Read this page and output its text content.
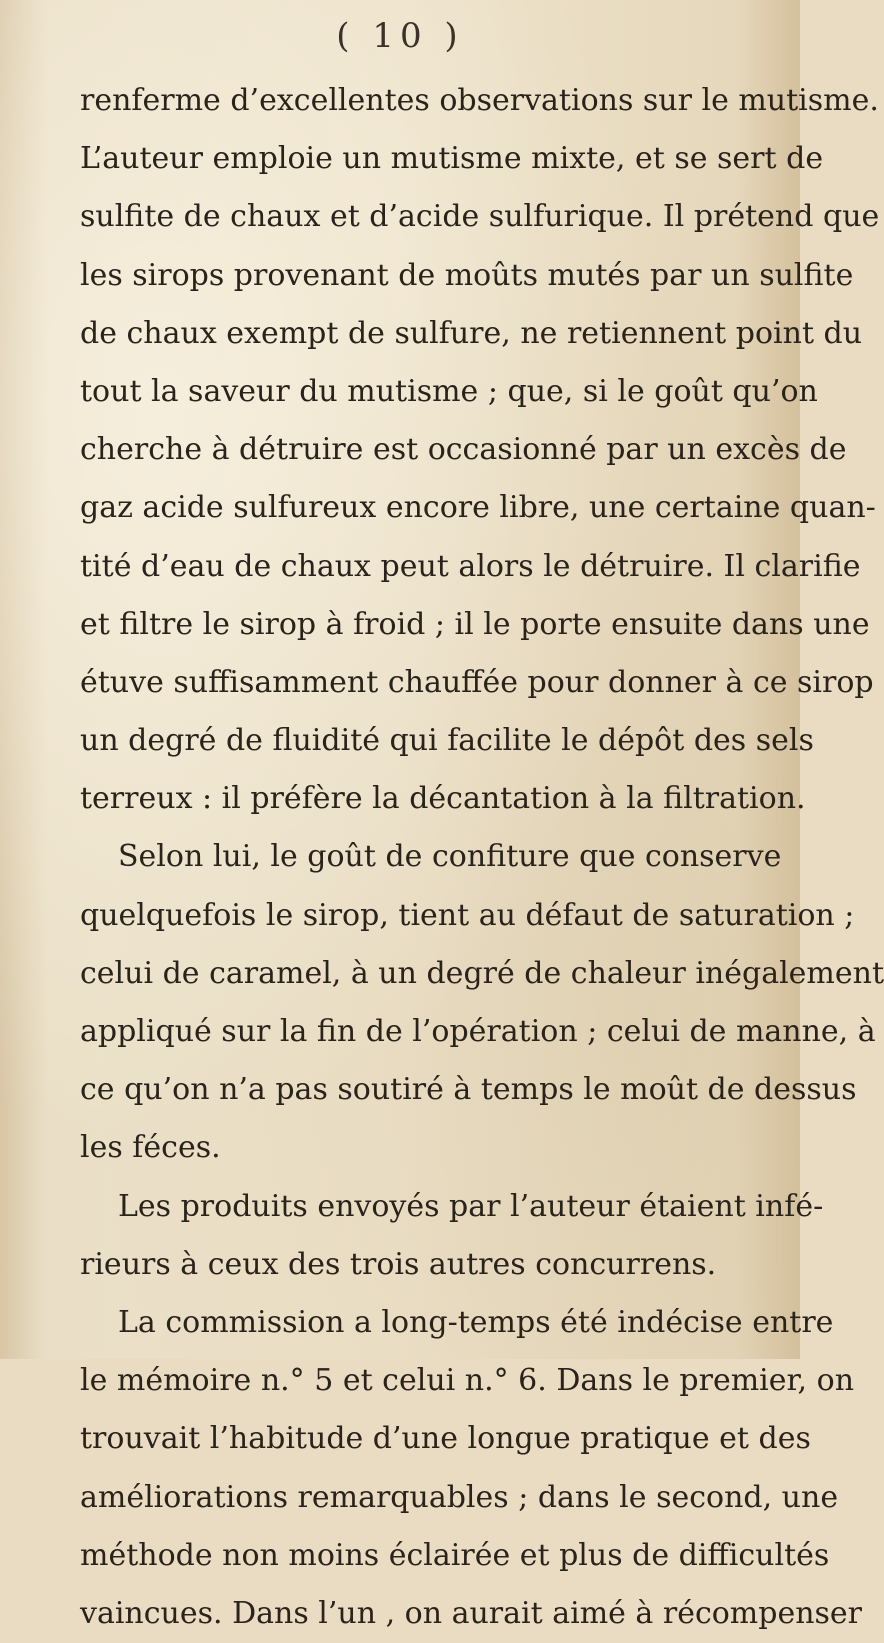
( 10 )
renferme d’excellentes observations sur le mutisme.
L’auteur emploie un mutisme mixte, et se sert de
sulfite de chaux et d’acide sulfurique. Il prétend que
les sirops provenant de moûts mutés par un sulfite
de chaux exempt de sulfure, ne retiennent point du
tout la saveur du mutisme ; que, si le goût qu’on
cherche à détruire est occasionné par un excès de
gaz acide sulfureux encore libre, une certaine quan-
tité d’eau de chaux peut alors le détruire. Il clarifie
et filtre le sirop à froid ; il le porte ensuite dans une
étuve suffisamment chauffée pour donner à ce sirop
un degré de fluidité qui facilite le dépôt des sels
terreux : il préfère la décantation à la filtration.
Selon lui, le goût de confiture que conserve
quelquefois le sirop, tient au défaut de saturation ;
celui de caramel, à un degré de chaleur inégalement
appliqué sur la fin de l’opération ; celui de manne, à
ce qu’on n’a pas soutiré à temps le moût de dessus
les féces.
Les produits envoyés par l’auteur étaient infé-
rieurs à ceux des trois autres concurrens.
La commission a long-temps été indécise entre
le mémoire n.° 5 et celui n.° 6. Dans le premier, on
trouvait l’habitude d’une longue pratique et des
améliorations remarquables ; dans le second, une
méthode non moins éclairée et plus de difficultés
vaincues. Dans l’un , on aurait aimé à récompenser
